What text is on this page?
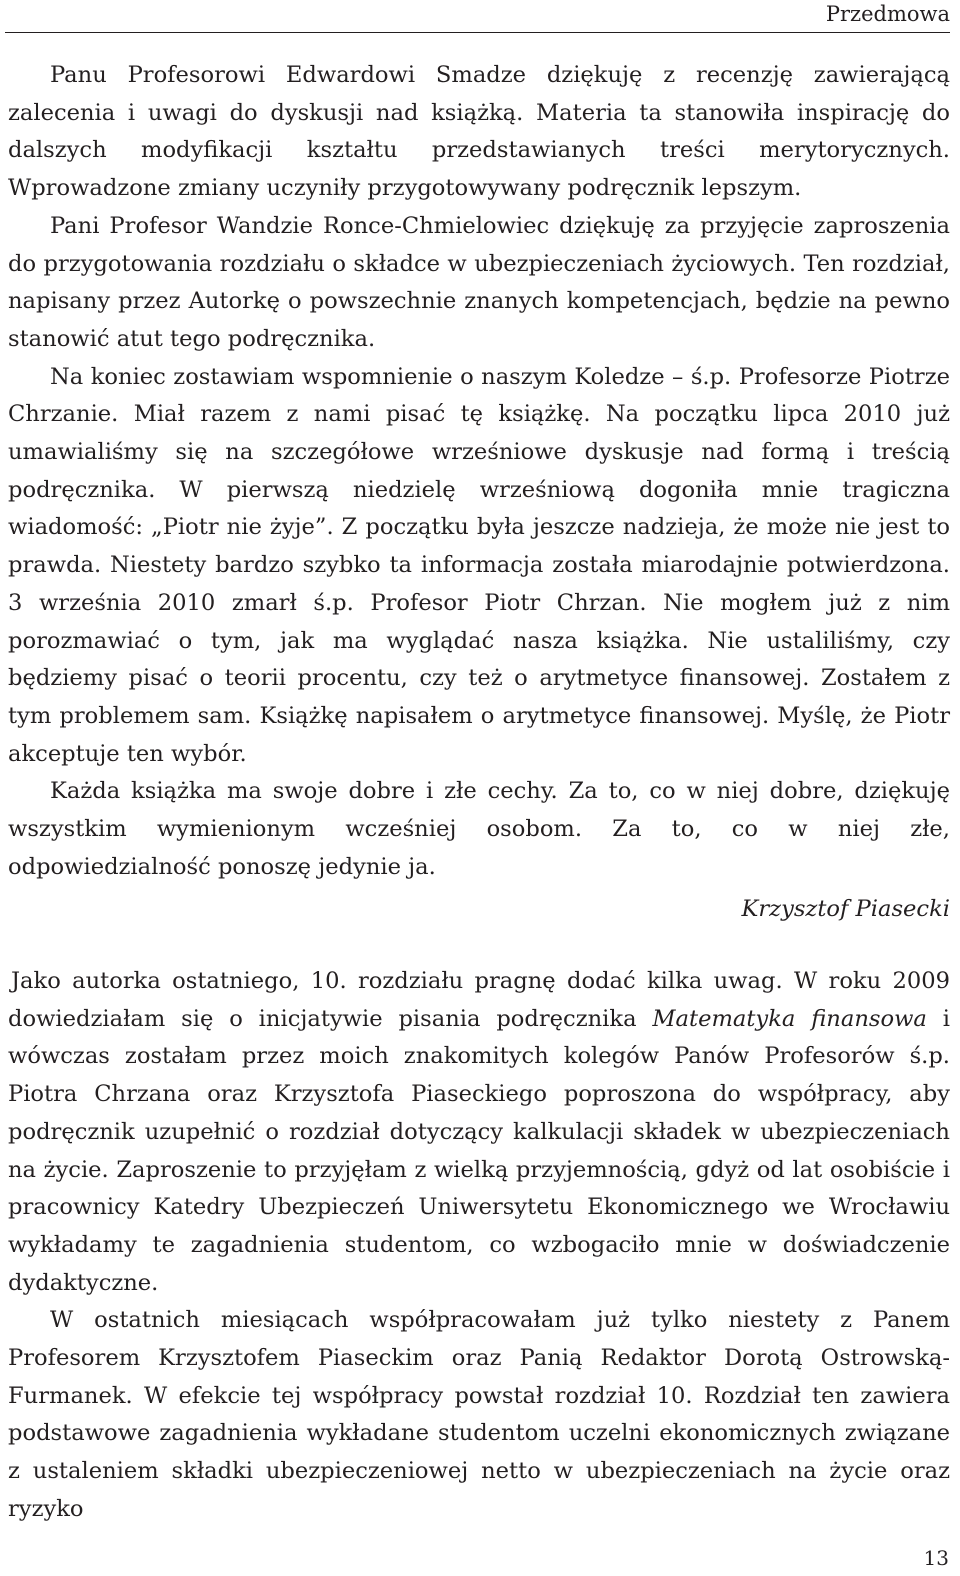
Przedmowa

Panu Profesorowi Edwardowi Smadze dziękuję z recenzję zawierającą zalecenia i uwagi do dyskusji nad książką. Materia ta stanowiła inspirację do dalszych modyfikacji kształtu przedstawianych treści merytorycznych. Wprowadzone zmiany uczyniły przygotowywany podręcznik lepszym.

Pani Profesor Wandzie Ronce-Chmielowiec dziękuję za przyjęcie zaproszenia do przygotowania rozdziału o składce w ubezpieczeniach życiowych. Ten rozdział, napisany przez Autorkę o powszechnie znanych kompetencjach, będzie na pewno stanowić atut tego podręcznika.

Na koniec zostawiam wspomnienie o naszym Koledze – ś.p. Profesorze Piotrze Chrzanie. Miał razem z nami pisać tę książkę. Na początku lipca 2010 już umawialiśmy się na szczegółowe wrześniowe dyskusje nad formą i treścią podręcznika. W pierwszą niedzielę wrześniową dogoniła mnie tragiczna wiadomość: „Piotr nie żyje”. Z początku była jeszcze nadzieja, że może nie jest to prawda. Niestety bardzo szybko ta informacja została miarodajnie potwierdzona. 3 września 2010 zmarł ś.p. Profesor Piotr Chrzan. Nie mogłem już z nim porozmawiać o tym, jak ma wyglądać nasza książka. Nie ustaliliśmy, czy będziemy pisać o teorii procentu, czy też o arytmetyce finansowej. Zostałem z tym problemem sam. Książkę napisałem o arytmetyce finansowej. Myślę, że Piotr akceptuje ten wybór.

Każda książka ma swoje dobre i złe cechy. Za to, co w niej dobre, dziękuję wszystkim wymienionym wcześniej osobom. Za to, co w niej złe, odpowiedzialność ponoszę jedynie ja.

Krzysztof Piasecki

Jako autorka ostatniego, 10. rozdziału pragnę dodać kilka uwag. W roku 2009 dowiedziałam się o inicjatywie pisania podręcznika Matematyka finansowa i wówczas zostałam przez moich znakomitych kolegów Panów Profesorów ś.p. Piotra Chrzana oraz Krzysztofa Piaseckiego poproszona do współpracy, aby podręcznik uzupełnić o rozdział dotyczący kalkulacji składek w ubezpieczeniach na życie. Zaproszenie to przyjęłam z wielką przyjemnością, gdyż od lat osobiście i pracownicy Katedry Ubezpieczeń Uniwersytetu Ekonomicznego we Wrocławiu wykładamy te zagadnienia studentom, co wzbogaciło mnie w doświadczenie dydaktyczne.

W ostatnich miesiącach współpracowałam już tylko niestety z Panem Profesorem Krzysztofem Piaseckim oraz Panią Redaktor Dorotą Ostrowską-Furmanek. W efekcie tej współpracy powstał rozdział 10. Rozdział ten zawiera podstawowe zagadnienia wykładane studentom uczelni ekonomicznych związane z ustaleniem składki ubezpieczeniowej netto w ubezpieczeniach na życie oraz ryzyko

13
